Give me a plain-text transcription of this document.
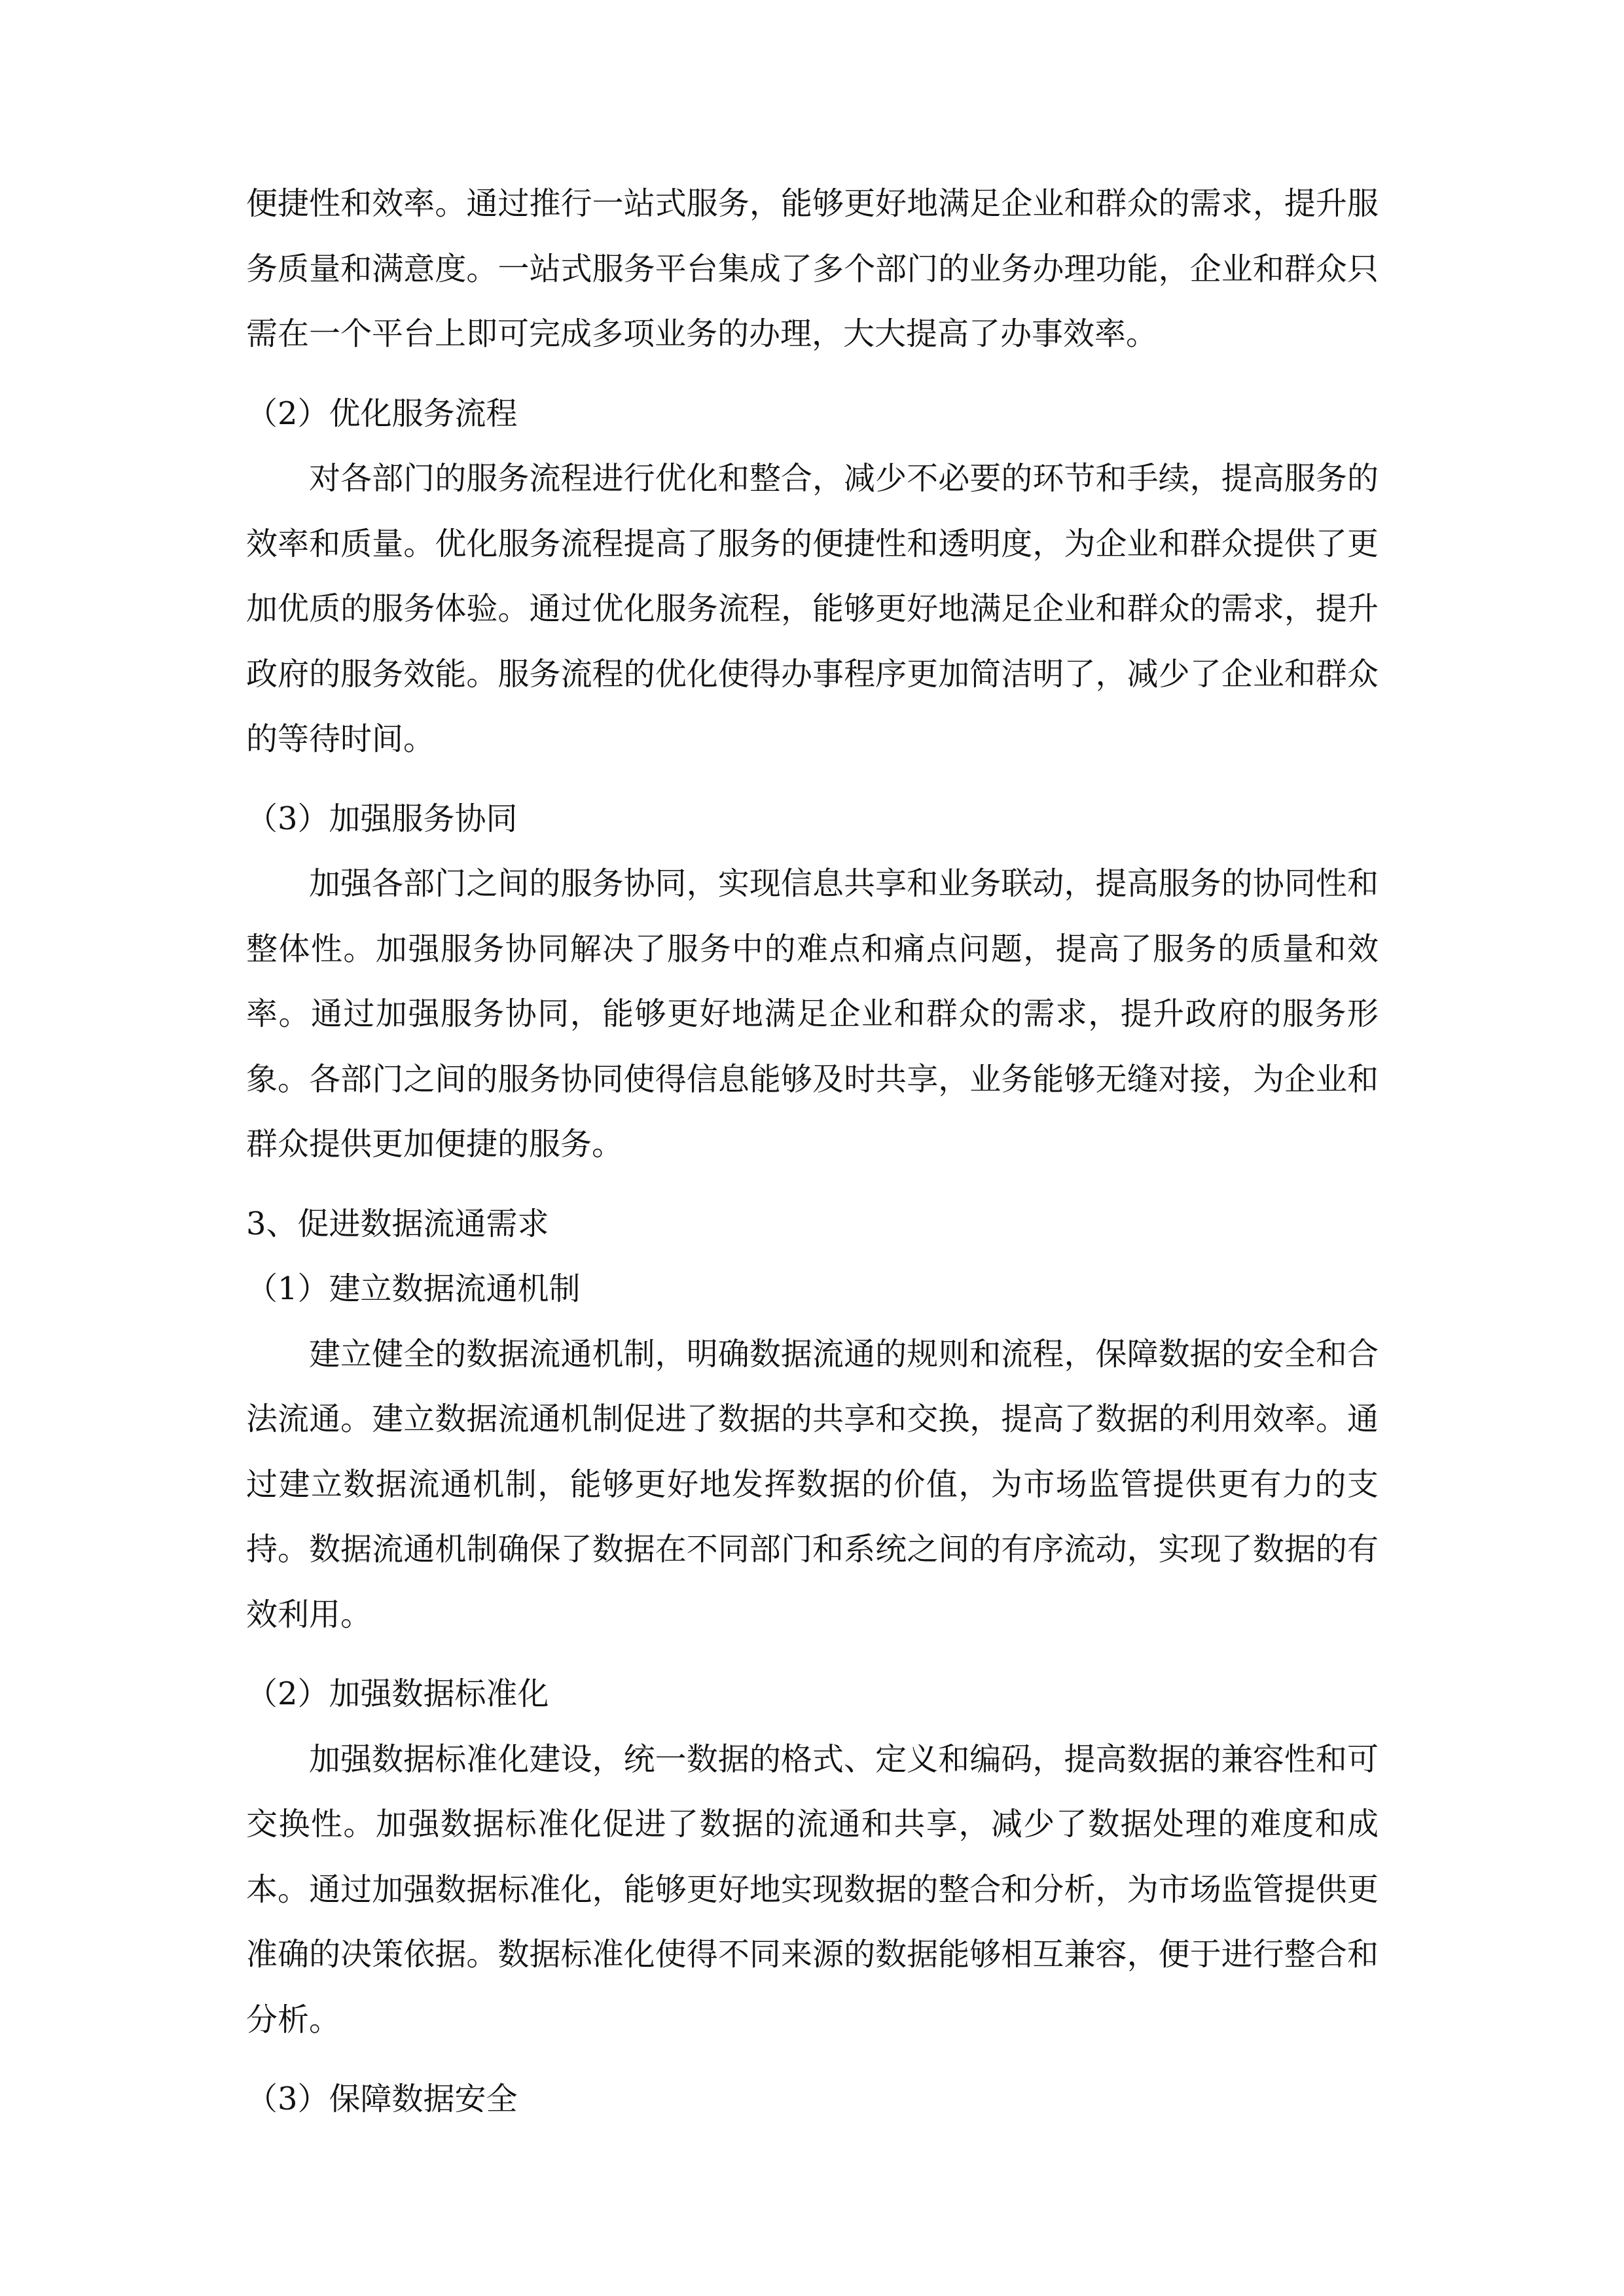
便捷性和效率。通过推行一站式服务，能够更好地满足企业和群众的需求，提升服务质量和满意度。一站式服务平台集成了多个部门的业务办理功能，企业和群众只需在一个平台上即可完成多项业务的办理，大大提高了办事效率。

（2）优化服务流程

对各部门的服务流程进行优化和整合，减少不必要的环节和手续，提高服务的效率和质量。优化服务流程提高了服务的便捷性和透明度，为企业和群众提供了更加优质的服务体验。通过优化服务流程，能够更好地满足企业和群众的需求，提升政府的服务效能。服务流程的优化使得办事程序更加简洁明了，减少了企业和群众的等待时间。

（3）加强服务协同

加强各部门之间的服务协同，实现信息共享和业务联动，提高服务的协同性和整体性。加强服务协同解决了服务中的难点和痛点问题，提高了服务的质量和效率。通过加强服务协同，能够更好地满足企业和群众的需求，提升政府的服务形象。各部门之间的服务协同使得信息能够及时共享，业务能够无缝对接，为企业和群众提供更加便捷的服务。

3、促进数据流通需求

（1）建立数据流通机制

建立健全的数据流通机制，明确数据流通的规则和流程，保障数据的安全和合法流通。建立数据流通机制促进了数据的共享和交换，提高了数据的利用效率。通过建立数据流通机制，能够更好地发挥数据的价值，为市场监管提供更有力的支持。数据流通机制确保了数据在不同部门和系统之间的有序流动，实现了数据的有效利用。

（2）加强数据标准化

加强数据标准化建设，统一数据的格式、定义和编码，提高数据的兼容性和可交换性。加强数据标准化促进了数据的流通和共享，减少了数据处理的难度和成本。通过加强数据标准化，能够更好地实现数据的整合和分析，为市场监管提供更准确的决策依据。数据标准化使得不同来源的数据能够相互兼容，便于进行整合和分析。

（3）保障数据安全
